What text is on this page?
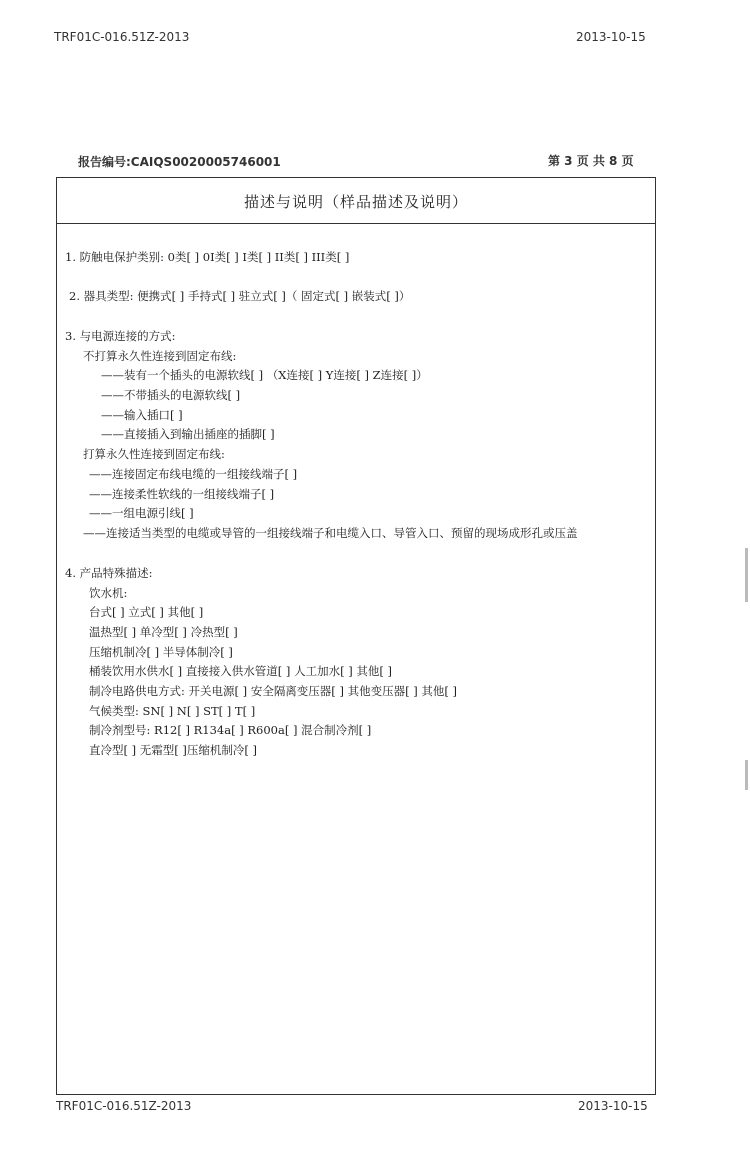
TRF01C-016.51Z-2013	2013-10-15
报告编号:CAIQS0020005746001	第 3 页 共 8 页
描述与说明（样品描述及说明）
1. 防触电保护类别: 0类[ ] 0I类[ ] I类[ ] II类[ ] III类[ ]
2. 器具类型: 便携式[ ] 手持式[ ] 驻立式[ ]（ 固定式[ ] 嵌装式[ ]）
3. 与电源连接的方式:
不打算永久性连接到固定布线:
——装有一个插头的电源软线[ ] （X连接[ ] Y连接[ ] Z连接[ ]）
——不带插头的电源软线[ ]
——输入插口[ ]
——直接插入到输出插座的插脚[ ]
打算永久性连接到固定布线:
——连接固定布线电缆的一组接线端子[ ]
——连接柔性软线的一组接线端子[ ]
——一组电源引线[ ]
——连接适当类型的电缆或导管的一组接线端子和电缆入口、导管入口、预留的现场成形孔或压盖
4. 产品特殊描述:
饮水机:
台式[ ] 立式[ ] 其他[ ]
温热型[ ] 单冷型[ ] 冷热型[ ]
压缩机制冷[ ] 半导体制冷[ ]
桶装饮用水供水[ ] 直接接入供水管道[ ] 人工加水[ ] 其他[ ]
制冷电路供电方式: 开关电源[ ] 安全隔离变压器[ ] 其他变压器[ ] 其他[ ]
气候类型: SN[ ] N[ ] ST[ ] T[ ]
制冷剂型号: R12[ ] R134a[ ] R600a[ ] 混合制冷剂[ ]
直冷型[ ] 无霜型[ ]压缩机制冷[ ]
TRF01C-016.51Z-2013	2013-10-15
